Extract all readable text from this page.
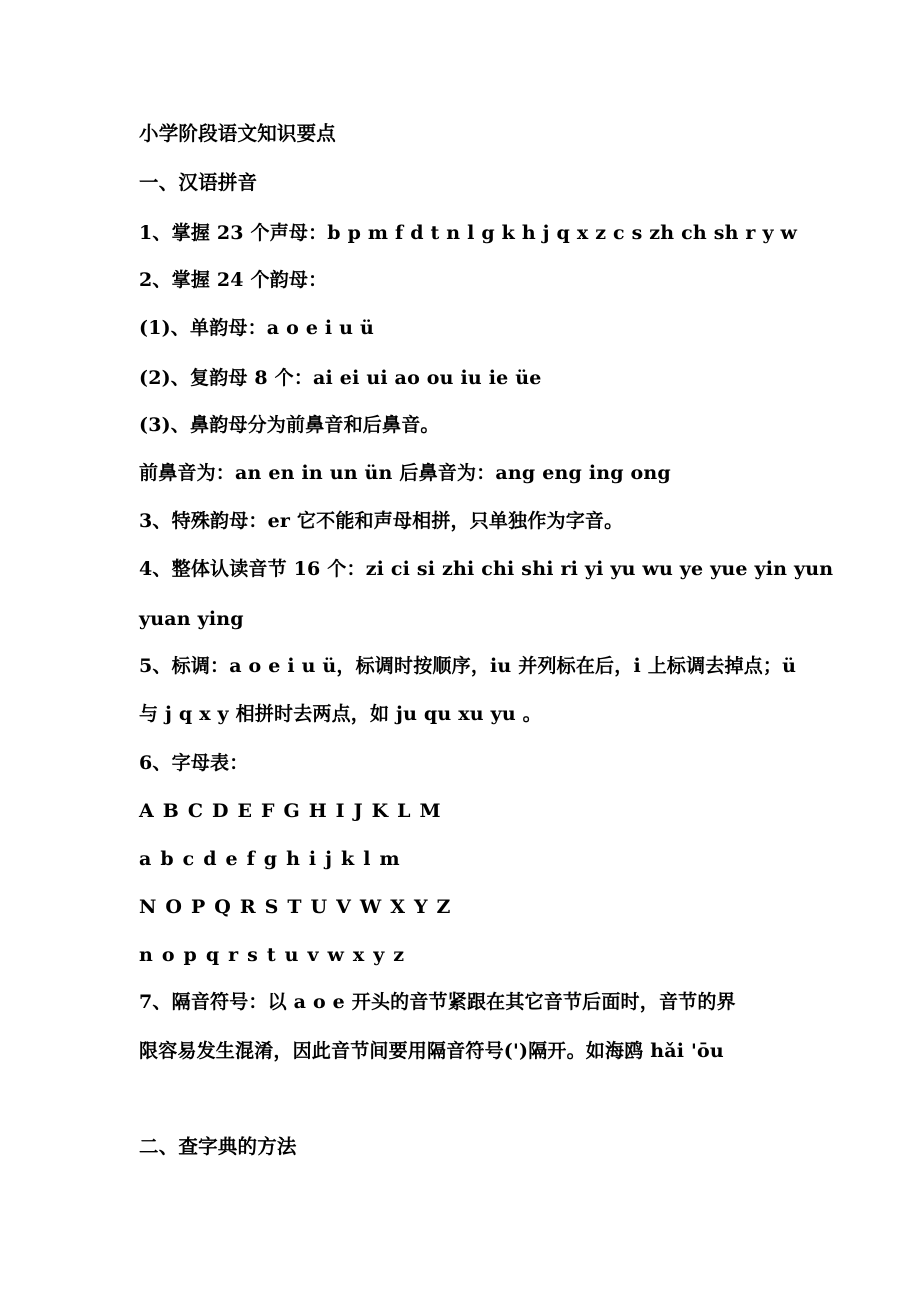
小学阶段语文知识要点
一、汉语拼音
1、掌握 23 个声母：b p m f d t n l g k h j q x z c s zh ch sh r y w
2、掌握 24 个韵母：
(1)、单韵母：a o e i u ü
(2)、复韵母 8 个：ai ei ui ao ou iu ie üe
(3)、鼻韵母分为前鼻音和后鼻音。
前鼻音为：an en in un ün 后鼻音为：ang eng ing ong
3、特殊韵母：er 它不能和声母相拼，只单独作为字音。
4、整体认读音节 16 个：zi ci si zhi chi shi ri yi yu wu ye yue yin yun
yuan ying
5、标调：a o e i u ü，标调时按顺序，iu 并列标在后，i 上标调去掉点；ü
与 j q x y 相拼时去两点，如 ju qu xu yu 。
6、字母表：
A B C D E F G H I J K L M
a b c d e f g h i j k l m
N O P Q R S T U V W X Y Z
n o p q r s t u v w x y z
7、隔音符号：以 a o e 开头的音节紧跟在其它音节后面时，音节的界
限容易发生混淆，因此音节间要用隔音符号(')隔开。如海鸥 hǎi 'ōu
二、查字典的方法
